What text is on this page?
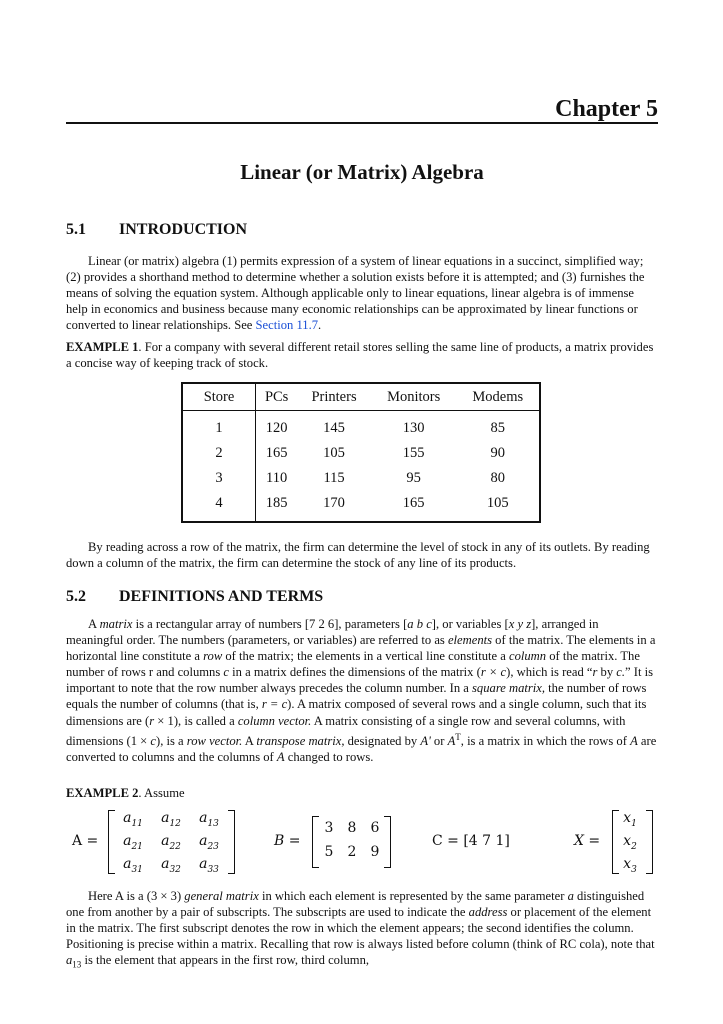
Chapter 5
Linear (or Matrix) Algebra
5.1 INTRODUCTION
Linear (or matrix) algebra (1) permits expression of a system of linear equations in a succinct, simplified way; (2) provides a shorthand method to determine whether a solution exists before it is attempted; and (3) furnishes the means of solving the equation system. Although applicable only to linear equations, linear algebra is of immense help in economics and business because many economic relationships can be approximated by linear functions or converted to linear relationships. See Section 11.7.
EXAMPLE 1. For a company with several different retail stores selling the same line of products, a matrix provides a concise way of keeping track of stock.
Store	PCs	Printers	Monitors	Modems
1	120	145	130	85
2	165	105	155	90
3	110	115	95	80
4	185	170	165	105
By reading across a row of the matrix, the firm can determine the level of stock in any of its outlets. By reading down a column of the matrix, the firm can determine the stock of any line of its products.
5.2 DEFINITIONS AND TERMS
A matrix is a rectangular array of numbers [7 2 6], parameters [a b c], or variables [x y z], arranged in meaningful order. The numbers (parameters, or variables) are referred to as elements of the matrix. The elements in a horizontal line constitute a row of the matrix; the elements in a vertical line constitute a column of the matrix. The number of rows r and columns c in a matrix defines the dimensions of the matrix (r × c), which is read “r by c.” It is important to note that the row number always precedes the column number. In a square matrix, the number of rows equals the number of columns (that is, r = c). A matrix composed of several rows and a single column, such that its dimensions are (r × 1), is called a column vector. A matrix consisting of a single row and several columns, with dimensions (1 × c), is a row vector. A transpose matrix, designated by A' or $A^T$, is a matrix in which the rows of A are converted to columns and the columns of A changed to rows.
EXAMPLE 2. Assume
A =
$a_{11}$	$a_{12}$	$a_{13}$
$a_{21}$	$a_{22}$	$a_{23}$
$a_{31}$	$a_{32}$	$a_{33}$
B =
3	8	6
5	2	9
C = [4 7 1]	X =
$x_1$
$x_2$
$x_3$
Here A is a (3 × 3) general matrix in which each element is represented by the same parameter a distinguished one from another by a pair of subscripts. The subscripts are used to indicate the address or placement of the element in the matrix. The first subscript denotes the row in which the element appears; the second identifies the column. Positioning is precise within a matrix. Recalling that row is always listed before column (think of RC cola), note that $a_{13}$ is the element that appears in the first row, third column,
